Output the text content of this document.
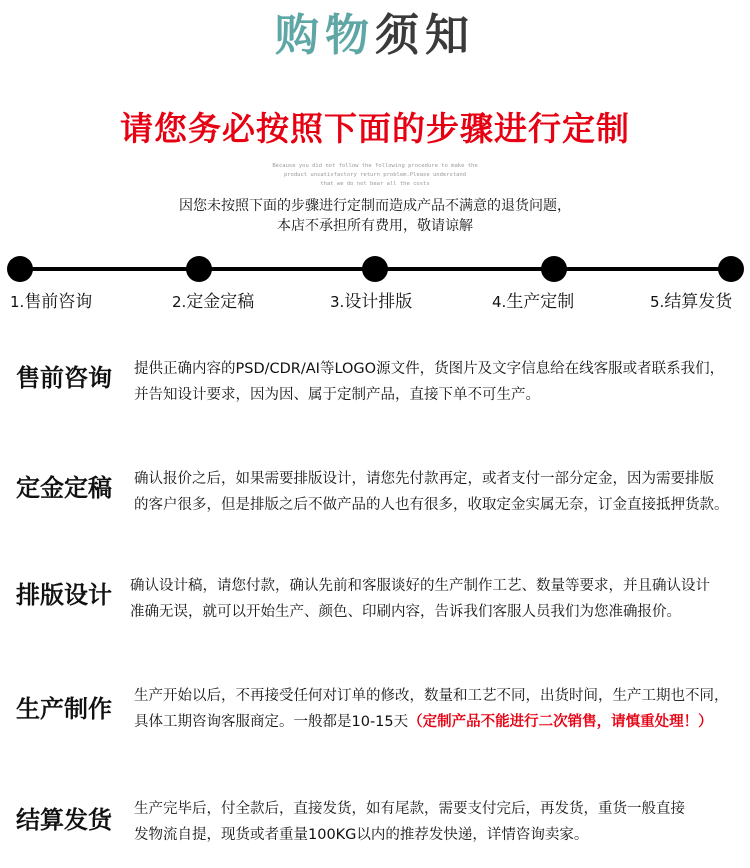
购物须知
请您务必按照下面的步骤进行定制
Because you did not follow the following procedure to make the
product unsatisfactory return problem.Please understand
that we do not bear all the costs
因您未按照下面的步骤进行定制而造成产品不满意的退货问题，
本店不承担所有费用，敬请谅解
1.售前咨询	2.定金定稿	3.设计排版	4.生产定制	5.结算发货
售前咨询 提供正确内容的PSD/CDR/AI等LOGO源文件，货图片及文字信息给在线客服或者联系我们，
并告知设计要求，因为因、属于定制产品，直接下单不可生产。
定金定稿 确认报价之后，如果需要排版设计，请您先付款再定，或者支付一部分定金，因为需要排版
的客户很多，但是排版之后不做产品的人也有很多，收取定金实属无奈，订金直接抵押货款。
排版设计 确认设计稿，请您付款，确认先前和客服谈好的生产制作工艺、数量等要求，并且确认设计
准确无误，就可以开始生产、颜色、印刷内容，告诉我们客服人员我们为您准确报价。
生产制作 生产开始以后，不再接受任何对订单的修改，数量和工艺不同，出货时间，生产工期也不同，
具体工期咨询客服商定。一般都是10-15天（定制产品不能进行二次销售，请慎重处理！）
结算发货 生产完毕后，付全款后，直接发货，如有尾款，需要支付完后，再发货，重货一般直接
发物流自提，现货或者重量100KG以内的推荐发快递，详情咨询卖家。
